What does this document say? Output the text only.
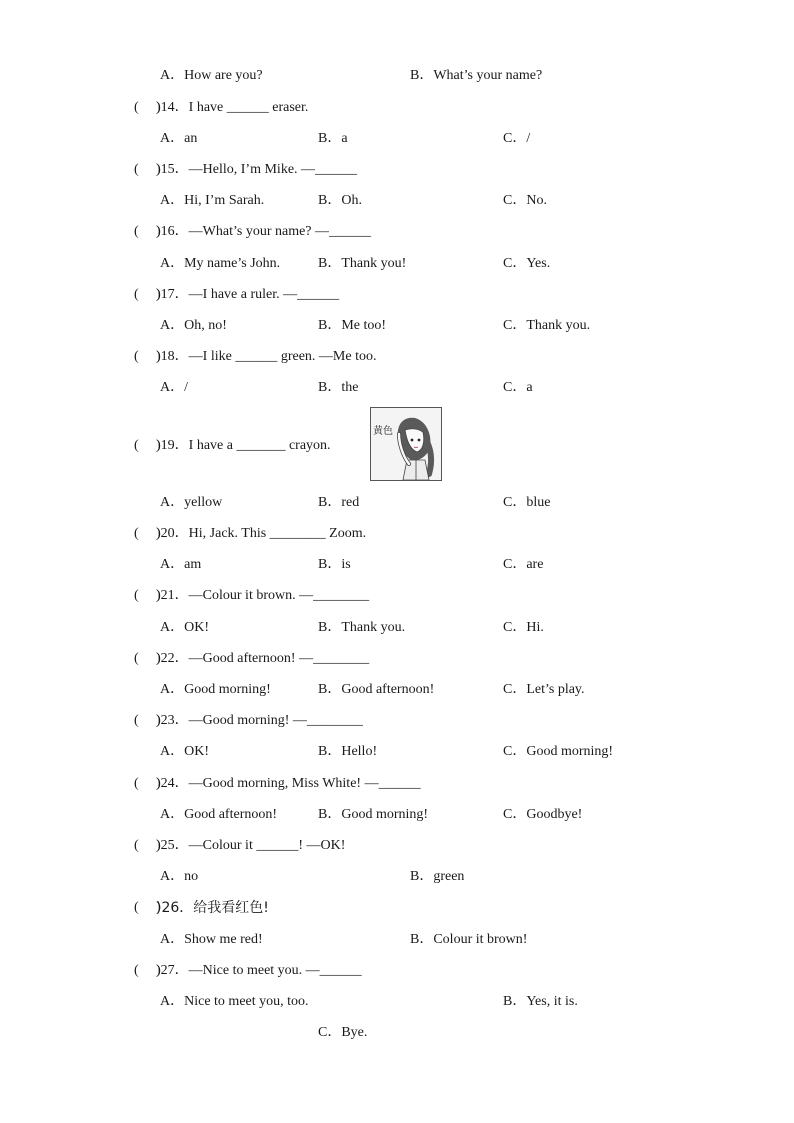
A．How are you?	B．What’s your name?
(     )
)14．I have ______ eraser.
A．an	B．a	C．/
(     )
)15．—Hello, I’m Mike. —______
A．Hi, I’m Sarah.	B．Oh.	C．No.
(     )
)16．—What’s your name? —______
A．My name’s John.	B．Thank you!	C．Yes.
(     )
)17．—I have a ruler. —______
A．Oh, no!	B．Me too!	C．Thank you.
(     )
)18．—I like ______ green. —Me too.
A．/	B．the	C．a
(     )
)19．I have a _______ crayon.
黄色
A．yellow	B．red	C．blue
(     )
)20．Hi, Jack. This ________ Zoom.
A．am	B．is	C．are
(     )
)21．—Colour it brown. —________
A．OK!	B．Thank you.	C．Hi.
(     )
)22．—Good afternoon! —________
A．Good morning!	B．Good afternoon!	C．Let’s play.
(     )
)23．—Good morning! —________
A．OK!	B．Hello!	C．Good morning!
(     )
)24．—Good morning, Miss White! —______
A．Good afternoon!	B．Good morning!	C．Goodbye!
(     )
)25．—Colour it ______! —OK!
A．no	B．green
(     )
)26．给我看红色!
A．Show me red!	B．Colour it brown!
(     )
)27．—Nice to meet you. —______
A．Nice to meet you, too.	B．Yes, it is.
C．Bye.
